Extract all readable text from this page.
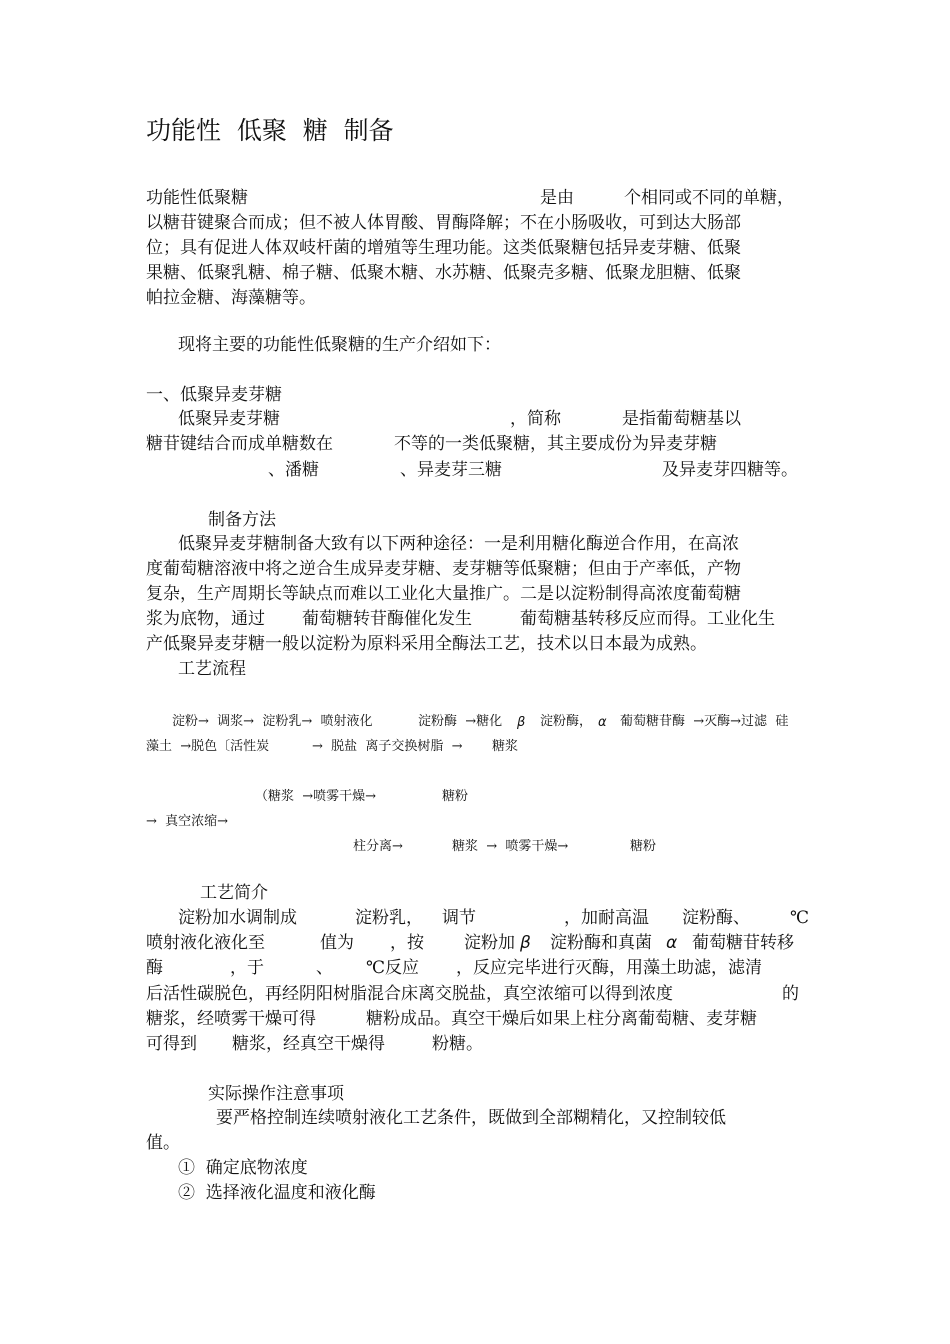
功能性  低聚  糖  制备
功能性低聚糖	是由	个相同或不同的单糖，
以糖苷键聚合而成；但不被人体胃酸、胃酶降解；不在小肠吸收，可到达大肠部
位；具有促进人体双岐杆菌的增殖等生理功能。这类低聚糖包括异麦芽糖、低聚
果糖、低聚乳糖、棉子糖、低聚木糖、水苏糖、低聚壳多糖、低聚龙胆糖、低聚
帕拉金糖、海藻糖等。
现将主要的功能性低聚糖的生产介绍如下：
一、低聚异麦芽糖
低聚异麦芽糖	，简称	是指葡萄糖基以
糖苷键结合而成单糖数在	不等的一类低聚糖，其主要成份为异麦芽糖
、潘糖	、异麦芽三糖	及异麦芽四糖等。
制备方法
低聚异麦芽糖制备大致有以下两种途径：一是利用糖化酶逆合作用，在高浓
度葡萄糖溶液中将之逆合生成异麦芽糖、麦芽糖等低聚糖；但由于产率低，产物
复杂，生产周期长等缺点而难以工业化大量推广。二是以淀粉制得高浓度葡萄糖
浆为底物，通过 葡萄糖转苷酶催化发生	葡萄糖基转移反应而得。工业化生
产低聚异麦芽糖一般以淀粉为原料采用全酶法工艺，技术以日本最为成熟。
工艺流程
淀粉→  调浆→  淀粉乳→  喷射液化	淀粉酶  →糖化 β 淀粉酶， α 葡萄糖苷酶  →灭酶→过滤  硅
藻土  →脱色〔活性炭	→  脱盐  离子交换树脂  → 糖浆
（糖浆  →喷雾干燥→	糖粉
→  真空浓缩→
柱分离→	糖浆  →  喷雾干燥→	糖粉
工艺简介
淀粉加水调制成	淀粉乳， 调节	，加耐高温 淀粉酶、 ℃
喷射液化液化至	值为 ，按 淀粉加 β 淀粉酶和真菌 α 葡萄糖苷转移
酶	，于	、 ℃反应 ，反应完毕进行灭酶，用藻土助滤，滤清
后活性碳脱色，再经阴阳树脂混合床离交脱盐，真空浓缩可以得到浓度	的
糖浆，经喷雾干燥可得	糖粉成品。真空干燥后如果上柱分离葡萄糖、麦芽糖
可得到 糖浆，经真空干燥得	粉糖。
实际操作注意事项
要严格控制连续喷射液化工艺条件，既做到全部糊精化，又控制较低
值。
①  确定底物浓度
②  选择液化温度和液化酶
